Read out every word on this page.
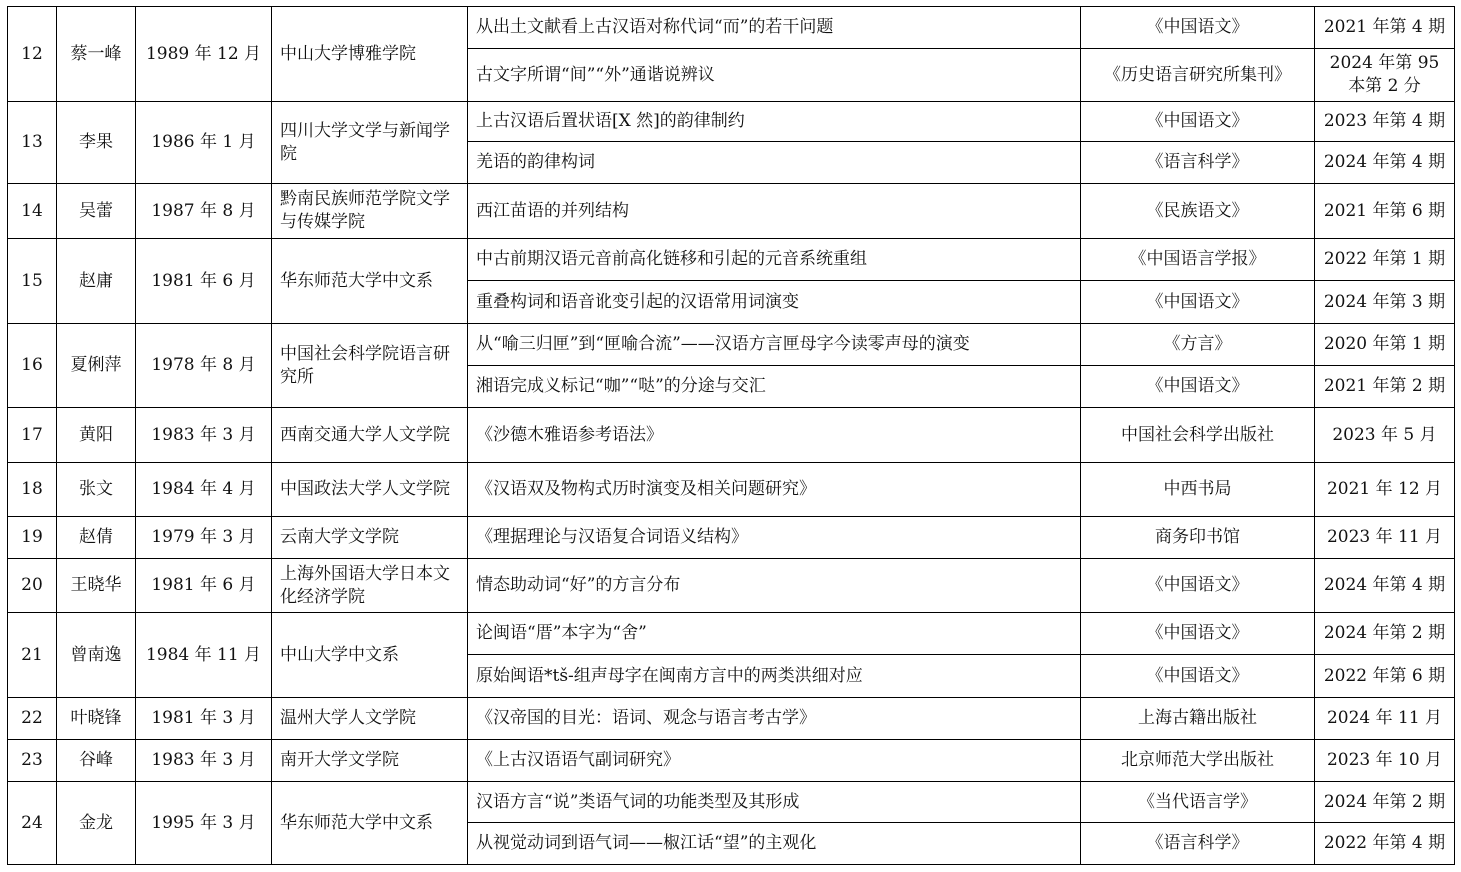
12	蔡一峰	1989 年 12 月	中山大学博雅学院	从出土文献看上古汉语对称代词“而”的若干问题	《中国语文》	2021 年第 4 期
				古文字所谓“间”“外”通谐说辨议	《历史语言研究所集刊》	2024 年第 95 本第 2 分
13	李果	1986 年 1 月	四川大学文学与新闻学院	上古汉语后置状语[X 然]的韵律制约	《中国语文》	2023 年第 4 期
				羌语的韵律构词	《语言科学》	2024 年第 4 期
14	吴蕾	1987 年 8 月	黔南民族师范学院文学与传媒学院	西江苗语的并列结构	《民族语文》	2021 年第 6 期
15	赵庸	1981 年 6 月	华东师范大学中文系	中古前期汉语元音前高化链移和引起的元音系统重组	《中国语言学报》	2022 年第 1 期
				重叠构词和语音讹变引起的汉语常用词演变	《中国语文》	2024 年第 3 期
16	夏俐萍	1978 年 8 月	中国社会科学院语言研究所	从“喻三归匣”到“匣喻合流”——汉语方言匣母字今读零声母的演变	《方言》	2020 年第 1 期
				湘语完成义标记“咖”“哒”的分途与交汇	《中国语文》	2021 年第 2 期
17	黄阳	1983 年 3 月	西南交通大学人文学院	《沙德木雅语参考语法》	中国社会科学出版社	2023 年 5 月
18	张文	1984 年 4 月	中国政法大学人文学院	《汉语双及物构式历时演变及相关问题研究》	中西书局	2021 年 12 月
19	赵倩	1979 年 3 月	云南大学文学院	《理据理论与汉语复合词语义结构》	商务印书馆	2023 年 11 月
20	王晓华	1981 年 6 月	上海外国语大学日本文化经济学院	情态助动词“好”的方言分布	《中国语文》	2024 年第 4 期
21	曾南逸	1984 年 11 月	中山大学中文系	论闽语“厝”本字为“舍”	《中国语文》	2024 年第 2 期
				原始闽语*tš-组声母字在闽南方言中的两类洪细对应	《中国语文》	2022 年第 6 期
22	叶晓锋	1981 年 3 月	温州大学人文学院	《汉帝国的目光：语词、观念与语言考古学》	上海古籍出版社	2024 年 11 月
23	谷峰	1983 年 3 月	南开大学文学院	《上古汉语语气副词研究》	北京师范大学出版社	2023 年 10 月
24	金龙	1995 年 3 月	华东师范大学中文系	汉语方言“说”类语气词的功能类型及其形成	《当代语言学》	2024 年第 2 期
				从视觉动词到语气词——椒江话“望”的主观化	《语言科学》	2022 年第 4 期
